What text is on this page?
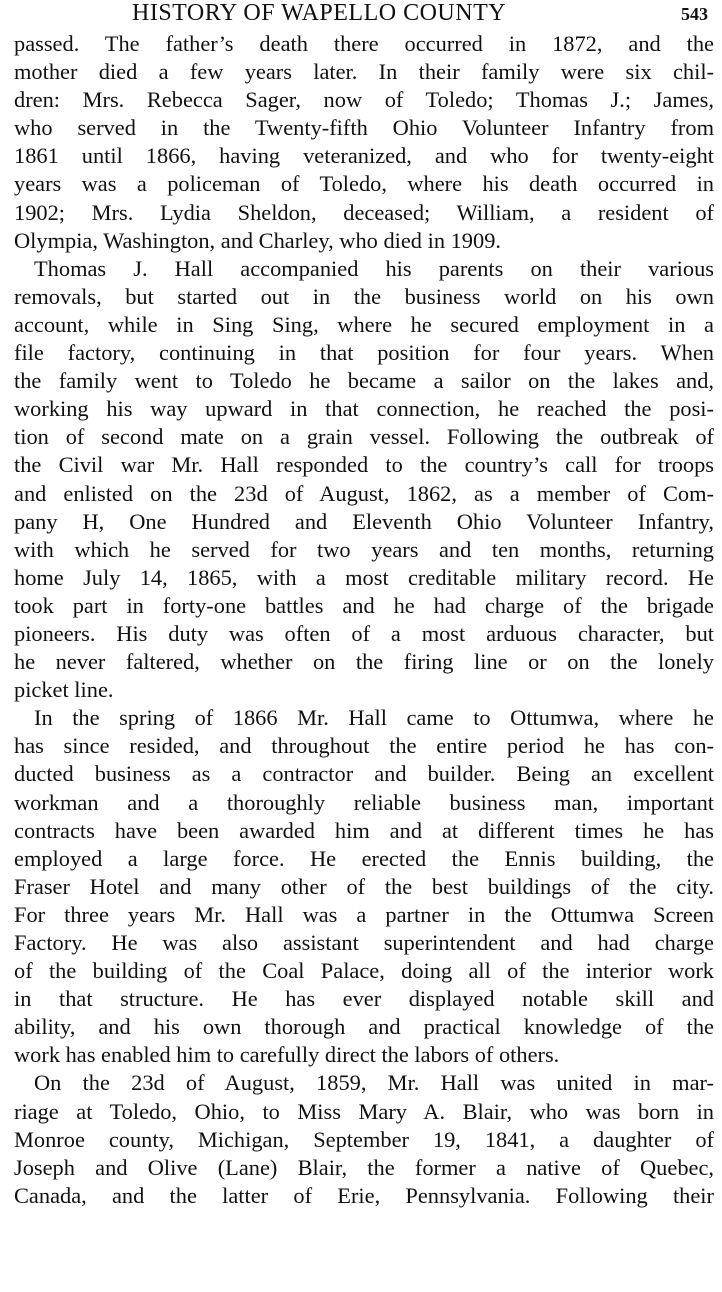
HISTORY OF WAPELLO COUNTY	543
passed. The father’s death there occurred in 1872, and the
mother died a few years later. In their family were six chil-
dren: Mrs. Rebecca Sager, now of Toledo; Thomas J.; James,
who served in the Twenty-fifth Ohio Volunteer Infantry from
1861 until 1866, having veteranized, and who for twenty-eight
years was a policeman of Toledo, where his death occurred in
1902; Mrs. Lydia Sheldon, deceased; William, a resident of
Olympia, Washington, and Charley, who died in 1909.
Thomas J. Hall accompanied his parents on their various
removals, but started out in the business world on his own
account, while in Sing Sing, where he secured employment in a
file factory, continuing in that position for four years. When
the family went to Toledo he became a sailor on the lakes and,
working his way upward in that connection, he reached the posi-
tion of second mate on a grain vessel. Following the outbreak of
the Civil war Mr. Hall responded to the country’s call for troops
and enlisted on the 23d of August, 1862, as a member of Com-
pany H, One Hundred and Eleventh Ohio Volunteer Infantry,
with which he served for two years and ten months, returning
home July 14, 1865, with a most creditable military record. He
took part in forty-one battles and he had charge of the brigade
pioneers. His duty was often of a most arduous character, but
he never faltered, whether on the firing line or on the lonely
picket line.
In the spring of 1866 Mr. Hall came to Ottumwa, where he
has since resided, and throughout the entire period he has con-
ducted business as a contractor and builder. Being an excellent
workman and a thoroughly reliable business man, important
contracts have been awarded him and at different times he has
employed a large force. He erected the Ennis building, the
Fraser Hotel and many other of the best buildings of the city.
For three years Mr. Hall was a partner in the Ottumwa Screen
Factory. He was also assistant superintendent and had charge
of the building of the Coal Palace, doing all of the interior work
in that structure. He has ever displayed notable skill and
ability, and his own thorough and practical knowledge of the
work has enabled him to carefully direct the labors of others.
On the 23d of August, 1859, Mr. Hall was united in mar-
riage at Toledo, Ohio, to Miss Mary A. Blair, who was born in
Monroe county, Michigan, September 19, 1841, a daughter of
Joseph and Olive (Lane) Blair, the former a native of Quebec,
Canada, and the latter of Erie, Pennsylvania. Following their
